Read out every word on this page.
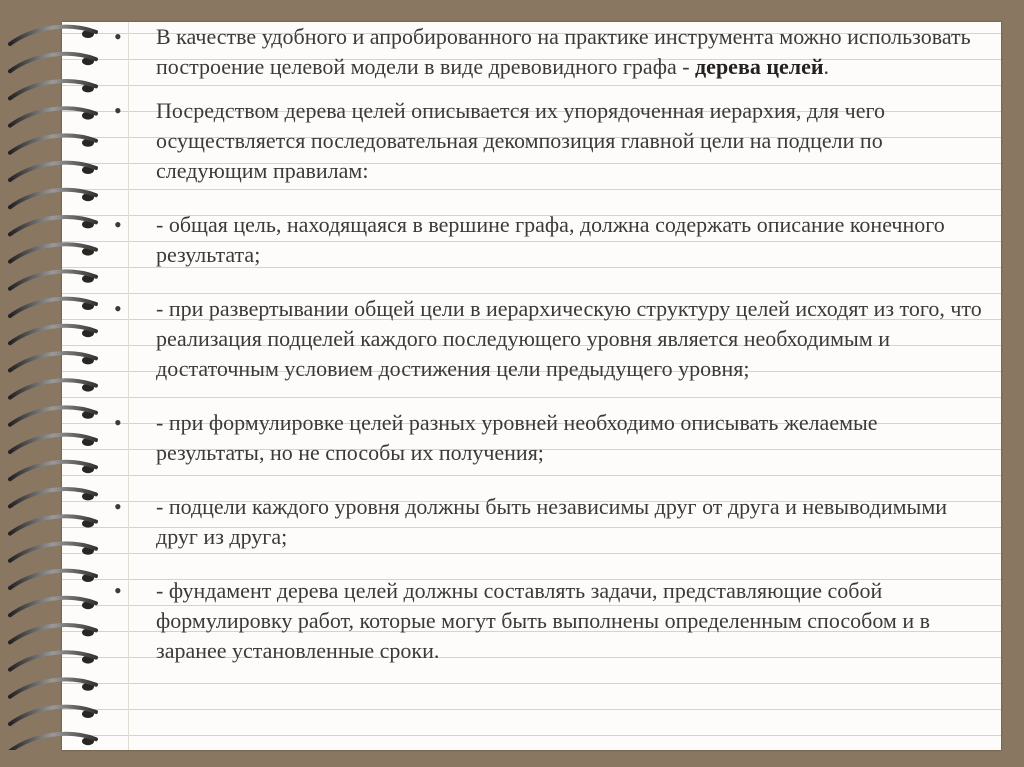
• В качестве удобного и апробированного на практике инструмента можно использовать построение целевой модели в виде древовидного графа - дерева целей.
• Посредством дерева целей описывается их упорядоченная иерархия, для чего осуществляется последовательная декомпозиция главной цели на подцели по следующим правилам:
• - общая цель, находящаяся в вершине графа, должна содержать описание конечного результата;
• - при развертывании общей цели в иерархическую структуру целей исходят из того, что реализация подцелей каждого последующего уровня является необходимым и достаточным условием достижения цели предыдущего уровня;
• - при формулировке целей разных уровней необходимо описывать желаемые результаты, но не способы их получения;
• - подцели каждого уровня должны быть независимы друг от друга и невыводимыми друг из друга;
• - фундамент дерева целей должны составлять задачи, представляющие собой формулировку работ, которые могут быть выполнены определенным способом и в заранее установленные сроки.
